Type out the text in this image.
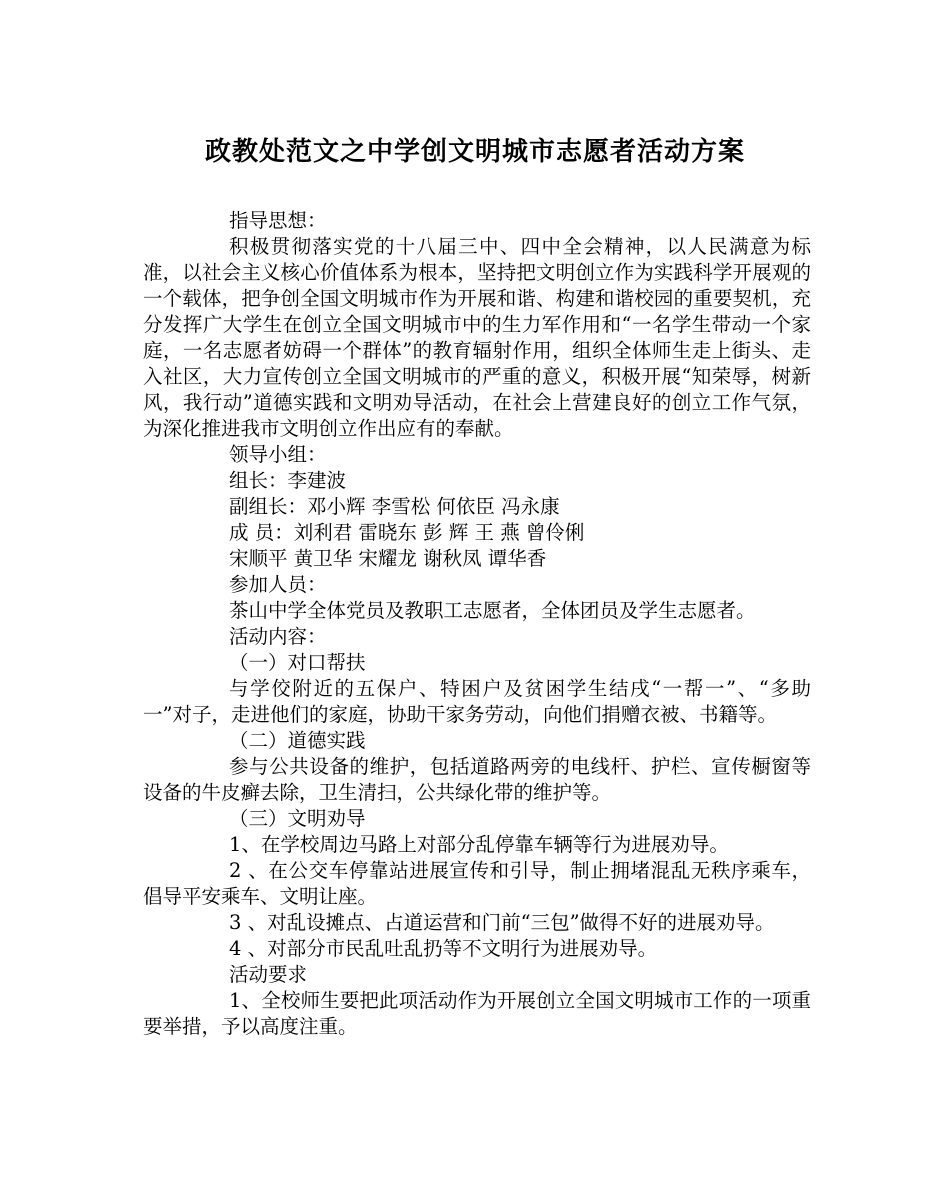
政教处范文之中学创文明城市志愿者活动方案

指导思想：

积极贯彻落实党的十八届三中、四中全会精神，以人民满意为标准，以社会主义核心价值体系为根本，坚持把文明创立作为实践科学开展观的一个载体，把争创全国文明城市作为开展和谐、构建和谐校园的重要契机，充分发挥广大学生在创立全国文明城市中的生力军作用和“一名学生带动一个家庭，一名志愿者妨碍一个群体”的教育辐射作用，组织全体师生走上街头、走入社区，大力宣传创立全国文明城市的严重的意义，积极开展“知荣辱，树新风，我行动”道德实践和文明劝导活动，在社会上营建良好的创立工作气氛，为深化推进我市文明创立作出应有的奉献。

领导小组：

组长：李建波

副组长：邓小辉 李雪松 何依臣 冯永康

成 员：刘利君 雷晓东 彭 辉 王 燕 曾伶俐

宋顺平 黄卫华 宋耀龙 谢秋凤 谭华香

参加人员：

茶山中学全体党员及教职工志愿者，全体团员及学生志愿者。

活动内容：

（一）对口帮扶

与学佼附近的五保户、特困户及贫困学生结戌“一帮一”、“多助一”对子，走进他们的家庭，协助干家务劳动，向他们捐赠衣被、书籍等。

（二）道德实践

参与公共设备的维护，包括道路两旁的电线杆、护栏、宣传橱窗等设备的牛皮癣去除，卫生清扫，公共绿化带的维护等。

（三）文明劝导

1、在学校周边马路上对部分乱停靠车辆等行为进展劝导。

2 、在公交车停靠站进展宣传和引导，制止拥堵混乱无秩序乘车，倡导平安乘车、文明让座。

3 、对乱设摊点、占道运营和门前“三包”做得不好的进展劝导。

4 、对部分市民乱吐乱扔等不文明行为进展劝导。

活动要求

1、全校师生要把此项活动作为开展创立全国文明城市工作的一项重要举措，予以高度注重。
